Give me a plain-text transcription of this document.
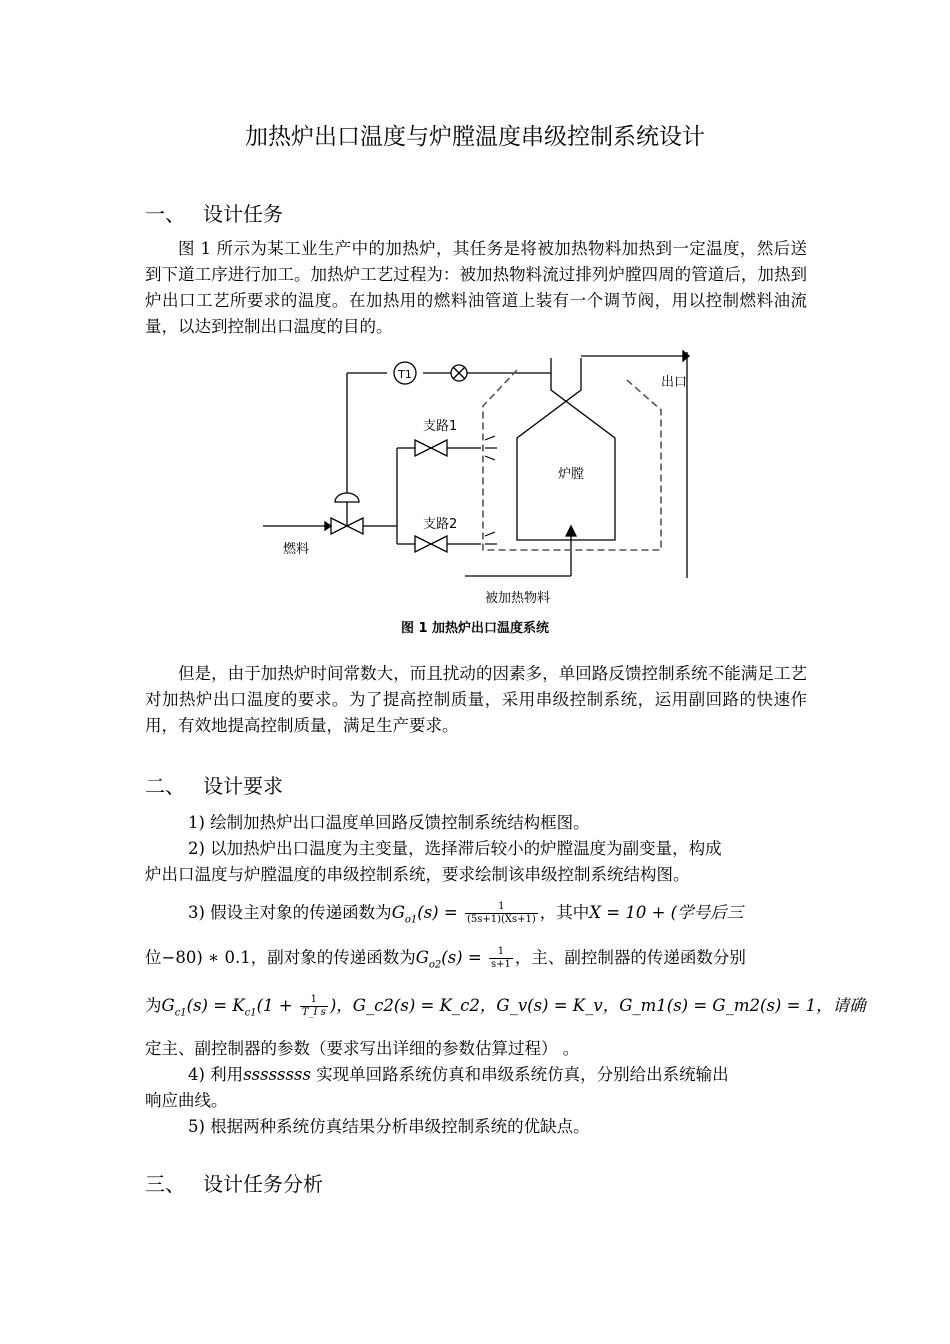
加热炉出口温度与炉膛温度串级控制系统设计
一、 设计任务

图 1 所示为某工业生产中的加热炉，其任务是将被加热物料加热到一定温度，然后送到下道工序进行加工。加热炉工艺过程为：被加热物料流过排列炉膛四周的管道后，加热到炉出口工艺所要求的温度。在加热用的燃料油管道上装有一个调节阀，用以控制燃料油流量，以达到控制出口温度的目的。

T1
出口
支路1
支路2
炉膛
燃料
被加热物料
图 1 加热炉出口温度系统

但是，由于加热炉时间常数大，而且扰动的因素多，单回路反馈控制系统不能满足工艺对加热炉出口温度的要求。为了提高控制质量，采用串级控制系统，运用副回路的快速作用，有效地提高控制质量，满足生产要求。

二、 设计要求
1) 绘制加热炉出口温度单回路反馈控制系统结构框图。
2) 以加热炉出口温度为主变量，选择滞后较小的炉膛温度为副变量，构成
炉出口温度与炉膛温度的串级控制系统，要求绘制该串级控制系统结构图。
3) 假设主对象的传递函数为$G_{o1}(s) = \frac{1}{(5s+1)(Xs+1)}$ ，其中X = 10 + (学号后三
位−80) ∗ 0.1，副对象的传递函数为$G_{o2}(s) = \frac{1}{s+1}$ ，主、副控制器的传递函数分别
为$G_{c1}(s) = K_{c1}(1 + \frac{1}{\text{T\_I s}}$ )，G_c2(s) = K_c2，G_v(s) = K_v，G_m1(s) = G_m2(s) = 1，请确
定主、副控制器的参数（要求写出详细的参数估算过程） 。
4) 利用ssssssss 实现单回路系统仿真和串级系统仿真，分别给出系统输出
响应曲线。
5) 根据两种系统仿真结果分析串级控制系统的优缺点。
三、 设计任务分析
